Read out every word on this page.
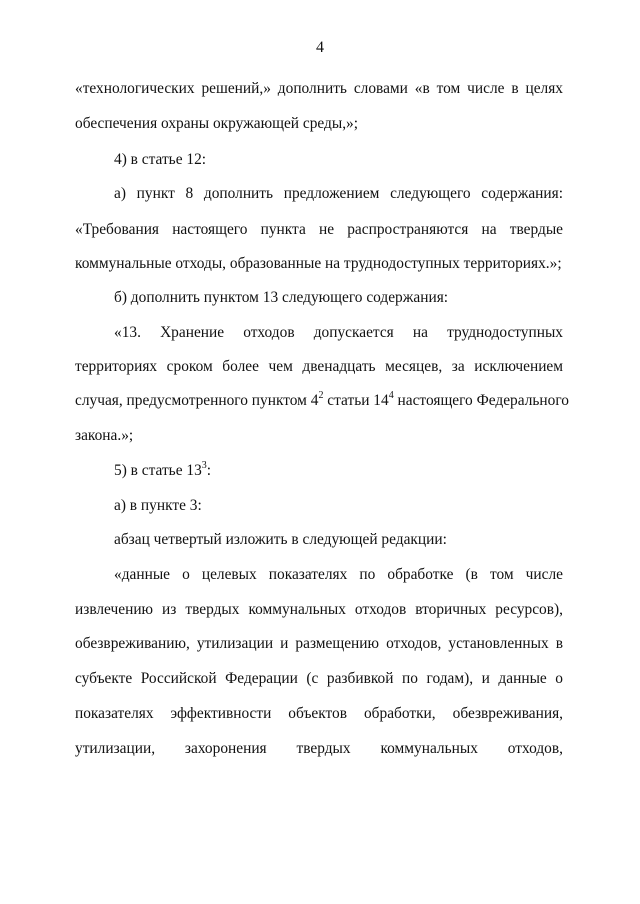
4
«технологических решений,» дополнить словами «в том числе в целях
обеспечения охраны окружающей среды,»;
4) в статье 12:
а) пункт 8 дополнить предложением следующего содержания:
«Требования настоящего пункта не распространяются на твердые
коммунальные отходы, образованные на труднодоступных территориях.»;
б) дополнить пунктом 13 следующего содержания:
«13. Хранение отходов допускается на труднодоступных
территориях сроком более чем двенадцать месяцев, за исключением
случая, предусмотренного пунктом $4^2$ статьи $14^4$ настоящего Федерального
закона.»;
5) в статье $13^3$:
а) в пункте 3:
абзац четвертый изложить в следующей редакции:
«данные о целевых показателях по обработке (в том числе
извлечению из твердых коммунальных отходов вторичных ресурсов),
обезвреживанию, утилизации и размещению отходов, установленных в
субъекте Российской Федерации (с разбивкой по годам), и данные о
показателях эффективности объектов обработки, обезвреживания,
утилизации, захоронения твердых коммунальных отходов,
